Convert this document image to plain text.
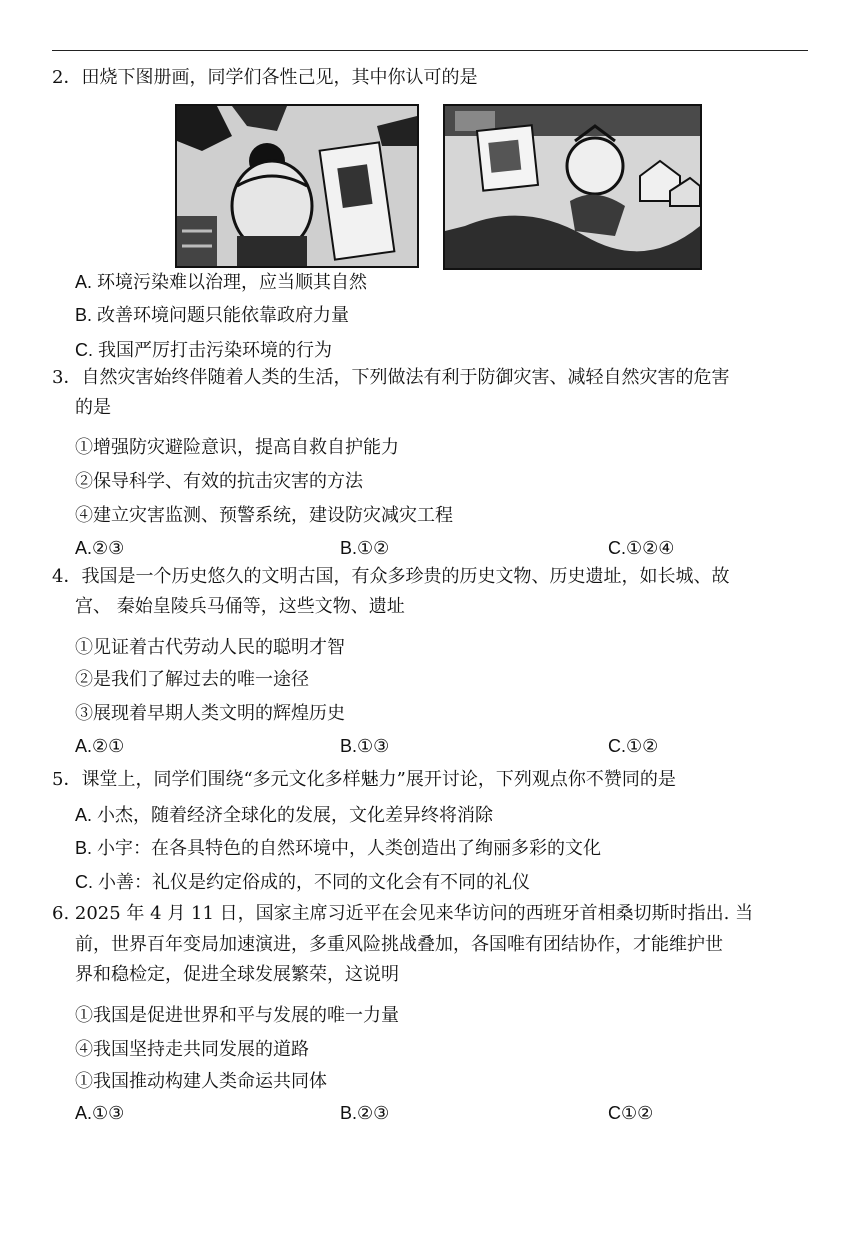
2．田烧下图册画，同学们各性己见，其中你认可的是
A. 环境污染难以治理，应当顺其自然
B. 改善环境问题只能依靠政府力量
C. 我国严厉打击污染环境的行为
3．自然灾害始终伴随着人类的生活，下列做法有利于防御灾害、减轻自然灾害的危害
的是
①增强防灾避险意识，提高自救自护能力
②保导科学、有效的抗击灾害的方法
④建立灾害监测、预警系统，建设防灾减灾工程
A.②③	B.①②	C.①②④
4．我国是一个历史悠久的文明古国，有众多珍贵的历史文物、历史遗址，如长城、故
宫、 秦始皇陵兵马俑等，这些文物、遗址
①见证着古代劳动人民的聪明才智
②是我们了解过去的唯一途径
③展现着早期人类文明的辉煌历史
A.②①	B.①③	C.①②
5．课堂上，同学们围绕“多元文化多样魅力”展开讨论，下列观点你不赞同的是
A. 小杰，随着经济全球化的发展，文化差异终将消除
B. 小宇：在各具特色的自然环境中，人类创造出了绚丽多彩的文化
C. 小善：礼仪是约定俗成的，不同的文化会有不同的礼仪
6. 2025 年 4 月 11 日，国家主席习近平在会见来华访问的西班牙首相桑切斯时指出. 当
前，世界百年变局加速演进，多重风险挑战叠加，各国唯有团结协作，才能维护世
界和稳检定，促进全球发展繁荣，这说明
①我国是促进世界和平与发展的唯一力量
④我国坚持走共同发展的道路
①我国推动构建人类命运共同体
A.①③	B.②③	C①②
